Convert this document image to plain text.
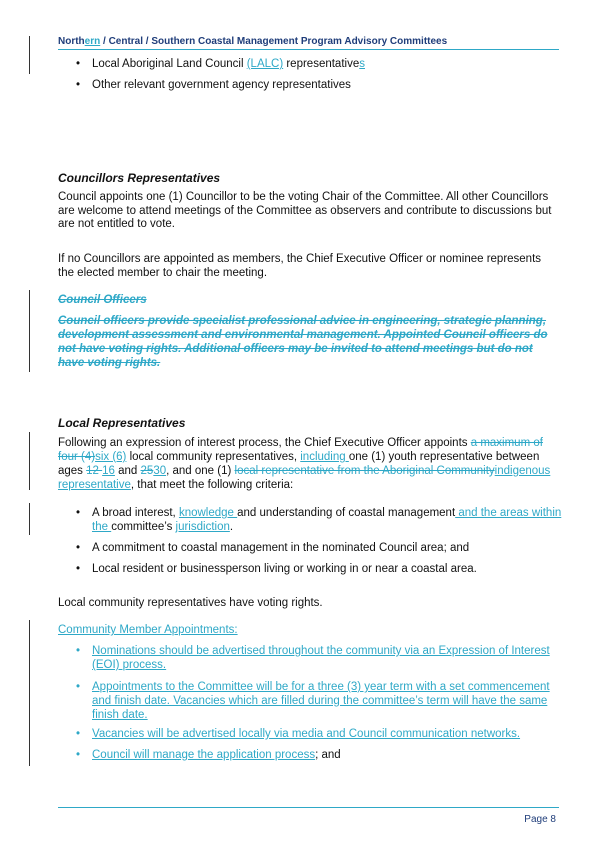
Northern / Central / Southern Coastal Management Program Advisory Committees
• Local Aboriginal Land Council (LALC) representatives
• Other relevant government agency representatives
Councillors Representatives
Council appoints one (1) Councillor to be the voting Chair of the Committee. All other Councillors are welcome to attend meetings of the Committee as observers and contribute to discussions but are not entitled to vote.
If no Councillors are appointed as members, the Chief Executive Officer or nominee represents the elected member to chair the meeting.
Council Officers
Council officers provide specialist professional advice in engineering, strategic planning, development assessment and environmental management. Appointed Council officers do not have voting rights. Additional officers may be invited to attend meetings but do not have voting rights.
Local Representatives
Following an expression of interest process, the Chief Executive Officer appoints a maximum of four (4)six (6) local community representatives, including one (1) youth representative between ages 12 16 and 2530, and one (1) local representative from the Aboriginal Communityindigenous representative, that meet the following criteria:
• A broad interest, knowledge and understanding of coastal management and the areas within the committee’s jurisdiction.
• A commitment to coastal management in the nominated Council area; and
• Local resident or businessperson living or working in or near a coastal area.
Local community representatives have voting rights.
Community Member Appointments:
• Nominations should be advertised throughout the community via an Expression of Interest (EOI) process.
• Appointments to the Committee will be for a three (3) year term with a set commencement and finish date. Vacancies which are filled during the committee’s term will have the same finish date.
• Vacancies will be advertised locally via media and Council communication networks.
• Council will manage the application process; and
Page 8
